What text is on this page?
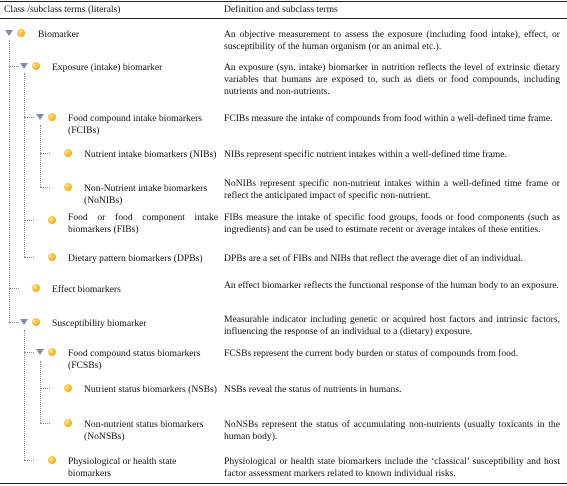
Class /subclass terms (literals)	Definition and subclass terms
Biomarker
Exposure (intake) biomarker
Food compound intake biomarkers (FCIBs)
Nutrient intake biomarkers (NIBs)
Non-Nutrient intake biomarkers (NoNIBs)
Food or food component intake biomarkers (FIBs)
Dietary pattern biomarkers (DPBs)
Effect biomarkers
Susceptibility biomarker
Food compound status biomarkers (FCSBs)
Nutrient status biomarkers (NSBs)
Non-nutrient status biomarkers (NoNSBs)
Physiological or health state biomarkers
An objective measurement to assess the exposure (including food intake), effect, or susceptibility of the human organism (or an animal etc.).
An exposure (syn. intake) biomarker in nutrition reflects the level of extrinsic dietary variables that humans are exposed to, such as diets or food compounds, including nutrients and non-nutrients.
FCIBs measure the intake of compounds from food within a well-defined time frame.
NIBs represent specific nutrient intakes within a well-defined time frame.
NoNIBs represent specific non-nutrient intakes within a well-defined time frame or reflect the anticipated impact of specific non-nutrient.
FIBs measure the intake of specific food groups, foods or food components (such as ingredients) and can be used to estimate recent or average intakes of these entities.
DPBs are a set of FIBs and NIBs that reflect the average diet of an individual.
An effect biomarker reflects the functional response of the human body to an exposure.
Measurable indicator including genetic or acquired host factors and intrinsic factors, influencing the response of an individual to a (dietary) exposure.
FCSBs represent the current body burden or status of compounds from food.
NSBs reveal the status of nutrients in humans.
NoNSBs represent the status of accumulating non-nutrients (usually toxicants in the human body).
Physiological or health state biomarkers include the ‘classical’ susceptibility and host factor assessment markers related to known individual risks.
